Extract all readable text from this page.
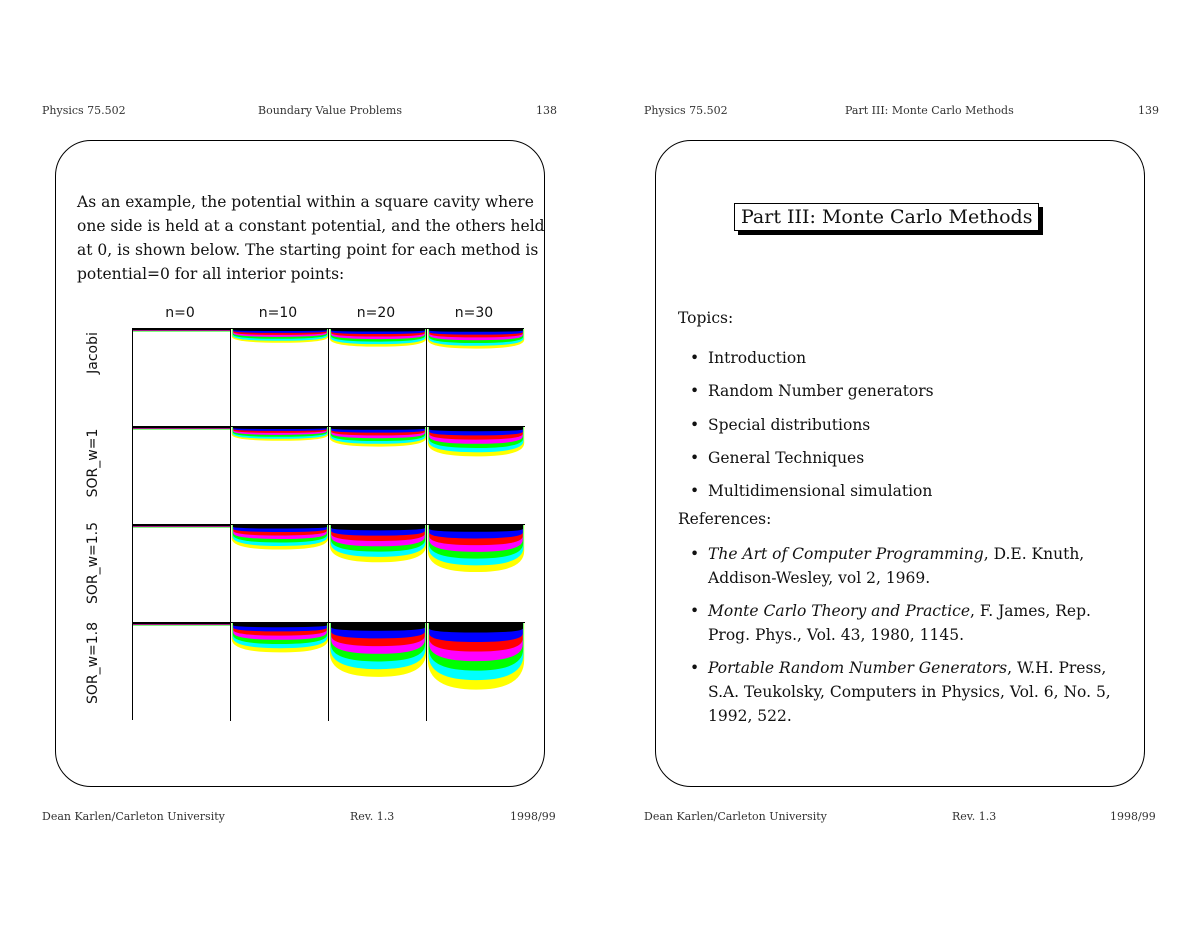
Physics 75.502	Boundary Value Problems	138
As an example, the potential within a square cavity where
one side is held at a constant potential, and the others held
at 0, is shown below. The starting point for each method is
potential=0 for all interior points:
n=0	n=10	n=20	n=30
Jacobi
SOR_w=1
SOR_w=1.5
SOR_w=1.8
Dean Karlen/Carleton University	Rev. 1.3	1998/99
Physics 75.502	Part III: Monte Carlo Methods	139
Part III: Monte Carlo Methods
Topics:
• Introduction
• Random Number generators
• Special distributions
• General Techniques
• Multidimensional simulation
References:
• The Art of Computer Programming, D.E. Knuth,
Addison-Wesley, vol 2, 1969.
• Monte Carlo Theory and Practice, F. James, Rep.
Prog. Phys., Vol. 43, 1980, 1145.
• Portable Random Number Generators, W.H. Press,
S.A. Teukolsky, Computers in Physics, Vol. 6, No. 5,
1992, 522.
Dean Karlen/Carleton University	Rev. 1.3	1998/99
